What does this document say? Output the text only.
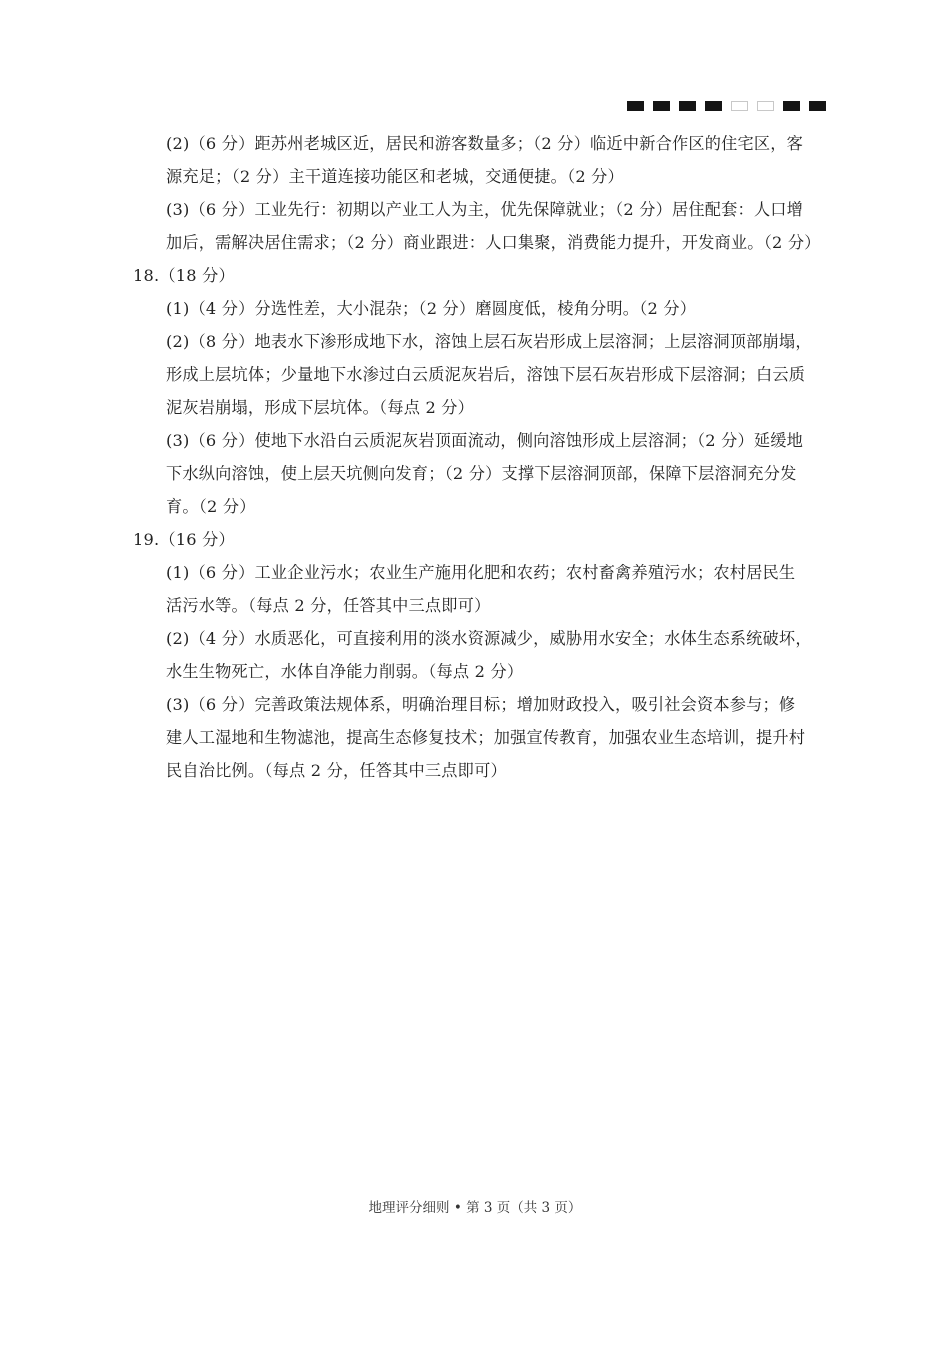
(2)（6 分）距苏州老城区近，居民和游客数量多；（2 分）临近中新合作区的住宅区，客
源充足；（2 分）主干道连接功能区和老城，交通便捷。（2 分）
(3)（6 分）工业先行：初期以产业工人为主，优先保障就业；（2 分）居住配套：人口增
加后，需解决居住需求；（2 分）商业跟进：人口集聚，消费能力提升，开发商业。（2 分）
18.（18 分）
(1)（4 分）分选性差，大小混杂；（2 分）磨圆度低，棱角分明。（2 分）
(2)（8 分）地表水下渗形成地下水，溶蚀上层石灰岩形成上层溶洞；上层溶洞顶部崩塌，
形成上层坑体；少量地下水渗过白云质泥灰岩后，溶蚀下层石灰岩形成下层溶洞；白云质
泥灰岩崩塌，形成下层坑体。（每点 2 分）
(3)（6 分）使地下水沿白云质泥灰岩顶面流动，侧向溶蚀形成上层溶洞；（2 分）延缓地
下水纵向溶蚀，使上层天坑侧向发育；（2 分）支撑下层溶洞顶部，保障下层溶洞充分发
育。（2 分）
19.（16 分）
(1)（6 分）工业企业污水；农业生产施用化肥和农药；农村畜禽养殖污水；农村居民生
活污水等。（每点 2 分，任答其中三点即可）
(2)（4 分）水质恶化，可直接利用的淡水资源减少，威胁用水安全；水体生态系统破坏，
水生生物死亡，水体自净能力削弱。（每点 2 分）
(3)（6 分）完善政策法规体系，明确治理目标；增加财政投入，吸引社会资本参与；修
建人工湿地和生物滤池，提高生态修复技术；加强宣传教育，加强农业生态培训，提升村
民自治比例。（每点 2 分，任答其中三点即可）
地理评分细则 • 第 3 页（共 3 页）
